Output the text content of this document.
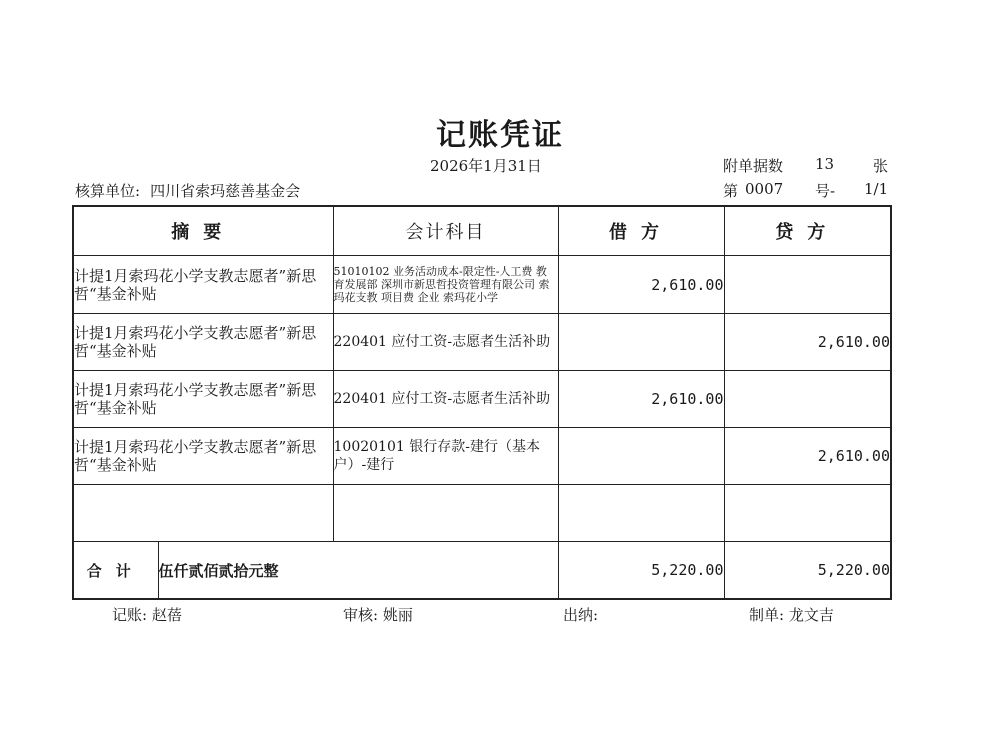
记账凭证
2026年1月31日	附单据数 13	张
核算单位: 四川省索玛慈善基金会	第 0007 号- 1/1
摘要		会计科目	借方	贷方
计提1月索玛花小学支教志愿者”新思哲“基金补贴		51010102 业务活动成本-限定性-人工费 教育发展部 深圳市新思哲投资管理有限公司 索玛花支教 项目费 企业 索玛花小学	2,610.00	
计提1月索玛花小学支教志愿者”新思哲“基金补贴		220401 应付工资-志愿者生活补助		2,610.00
计提1月索玛花小学支教志愿者”新思哲“基金补贴		220401 应付工资-志愿者生活补助	2,610.00	
计提1月索玛花小学支教志愿者”新思哲“基金补贴		10020101 银行存款-建行（基本户）-建行		2,610.00

合计	伍仟贰佰贰拾元整		5,220.00	5,220.00
记账: 赵蓓	审核: 姚丽	出纳:	制单: 龙文吉
